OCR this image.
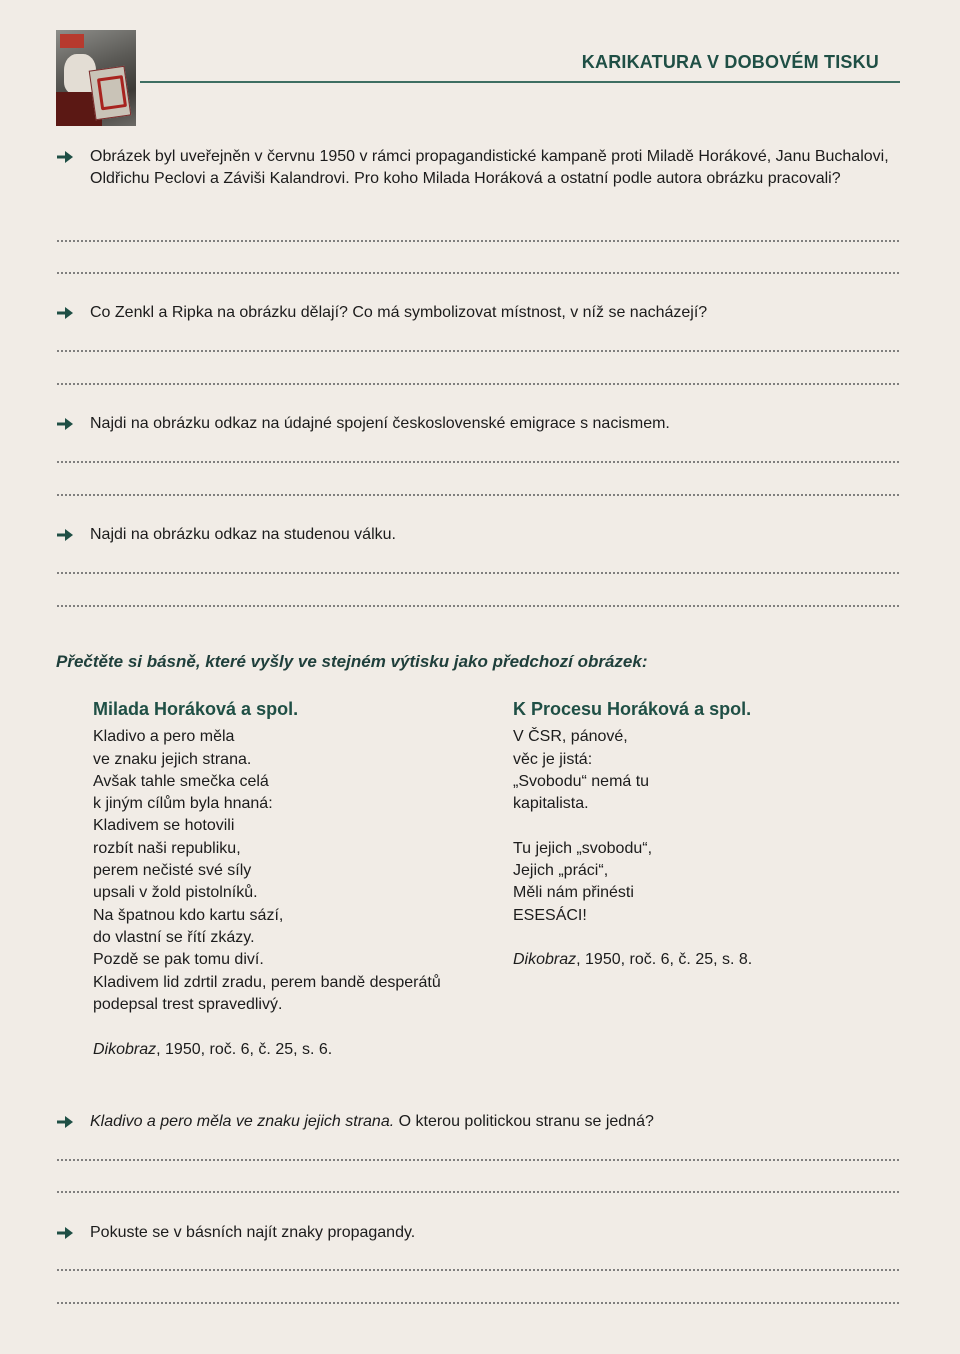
KARIKATURA V DOBOVÉM TISKU
Obrázek byl uveřejněn v červnu 1950 v rámci propagandistické kampaně proti Miladě Horákové, Janu Buchalovi, Oldřichu Peclovi a Záviši Kalandrovi. Pro koho Milada Horáková a ostatní podle autora obrázku pracovali?
Co Zenkl a Ripka na obrázku dělají? Co má symbolizovat místnost, v níž se nacházejí?
Najdi na obrázku odkaz na údajné spojení československé emigrace s nacismem.
Najdi na obrázku odkaz na studenou válku.
Přečtěte si básně, které vyšly ve stejném výtisku jako předchozí obrázek:
Milada Horáková a spol.
Kladivo a pero měla
ve znaku jejich strana.
Avšak tahle smečka celá
k jiným cílům byla hnaná:
Kladivem se hotovili
rozbít naši republiku,
perem nečisté své síly
upsali v žold pistolníků.
Na špatnou kdo kartu sází,
do vlastní se řítí zkázy.
Pozdě se pak tomu diví.
Kladivem lid zdrtil zradu, perem bandě desperátů
podepsal trest spravedlivý.
Dikobraz, 1950, roč. 6, č. 25, s. 6.
K Procesu Horáková a spol.
V ČSR, pánové,
věc je jistá:
„Svobodu“ nemá tu
kapitalista.
Tu jejich „svobodu“,
Jejich „práci“,
Měli nám přinésti
ESESÁCI!
Dikobraz, 1950, roč. 6, č. 25, s. 8.
Kladivo a pero měla ve znaku jejich strana. O kterou politickou stranu se jedná?
Pokuste se v básních najít znaky propagandy.
